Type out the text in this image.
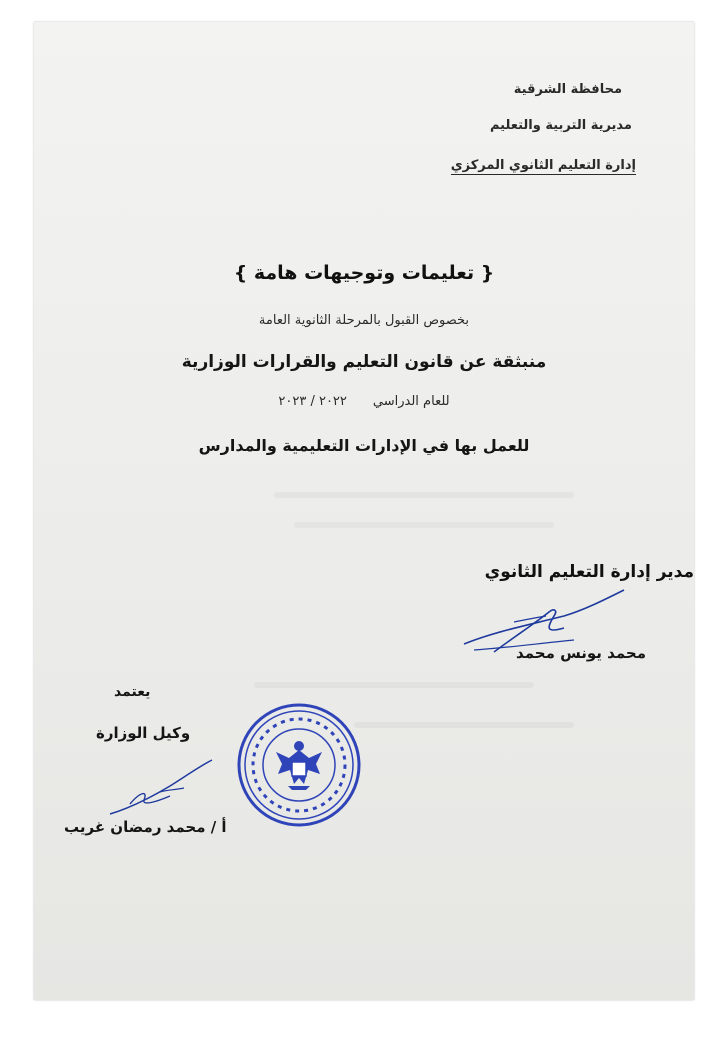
محافظة الشرقية
مديرية التربية والتعليم
إدارة التعليم الثانوي المركزي
{ تعليمات وتوجيهات هامة }
بخصوص القبول بالمرحلة الثانوية العامة
منبثقة عن قانون التعليم والقرارات الوزارية
للعام الدراسي٢٠٢٢ / ٢٠٢٣
للعمل بها في الإدارات التعليمية والمدارس
مدير إدارة التعليم الثانوي
محمد يونس محمد
يعتمد
وكيل الوزارة
أ / محمد رمضان غريب
